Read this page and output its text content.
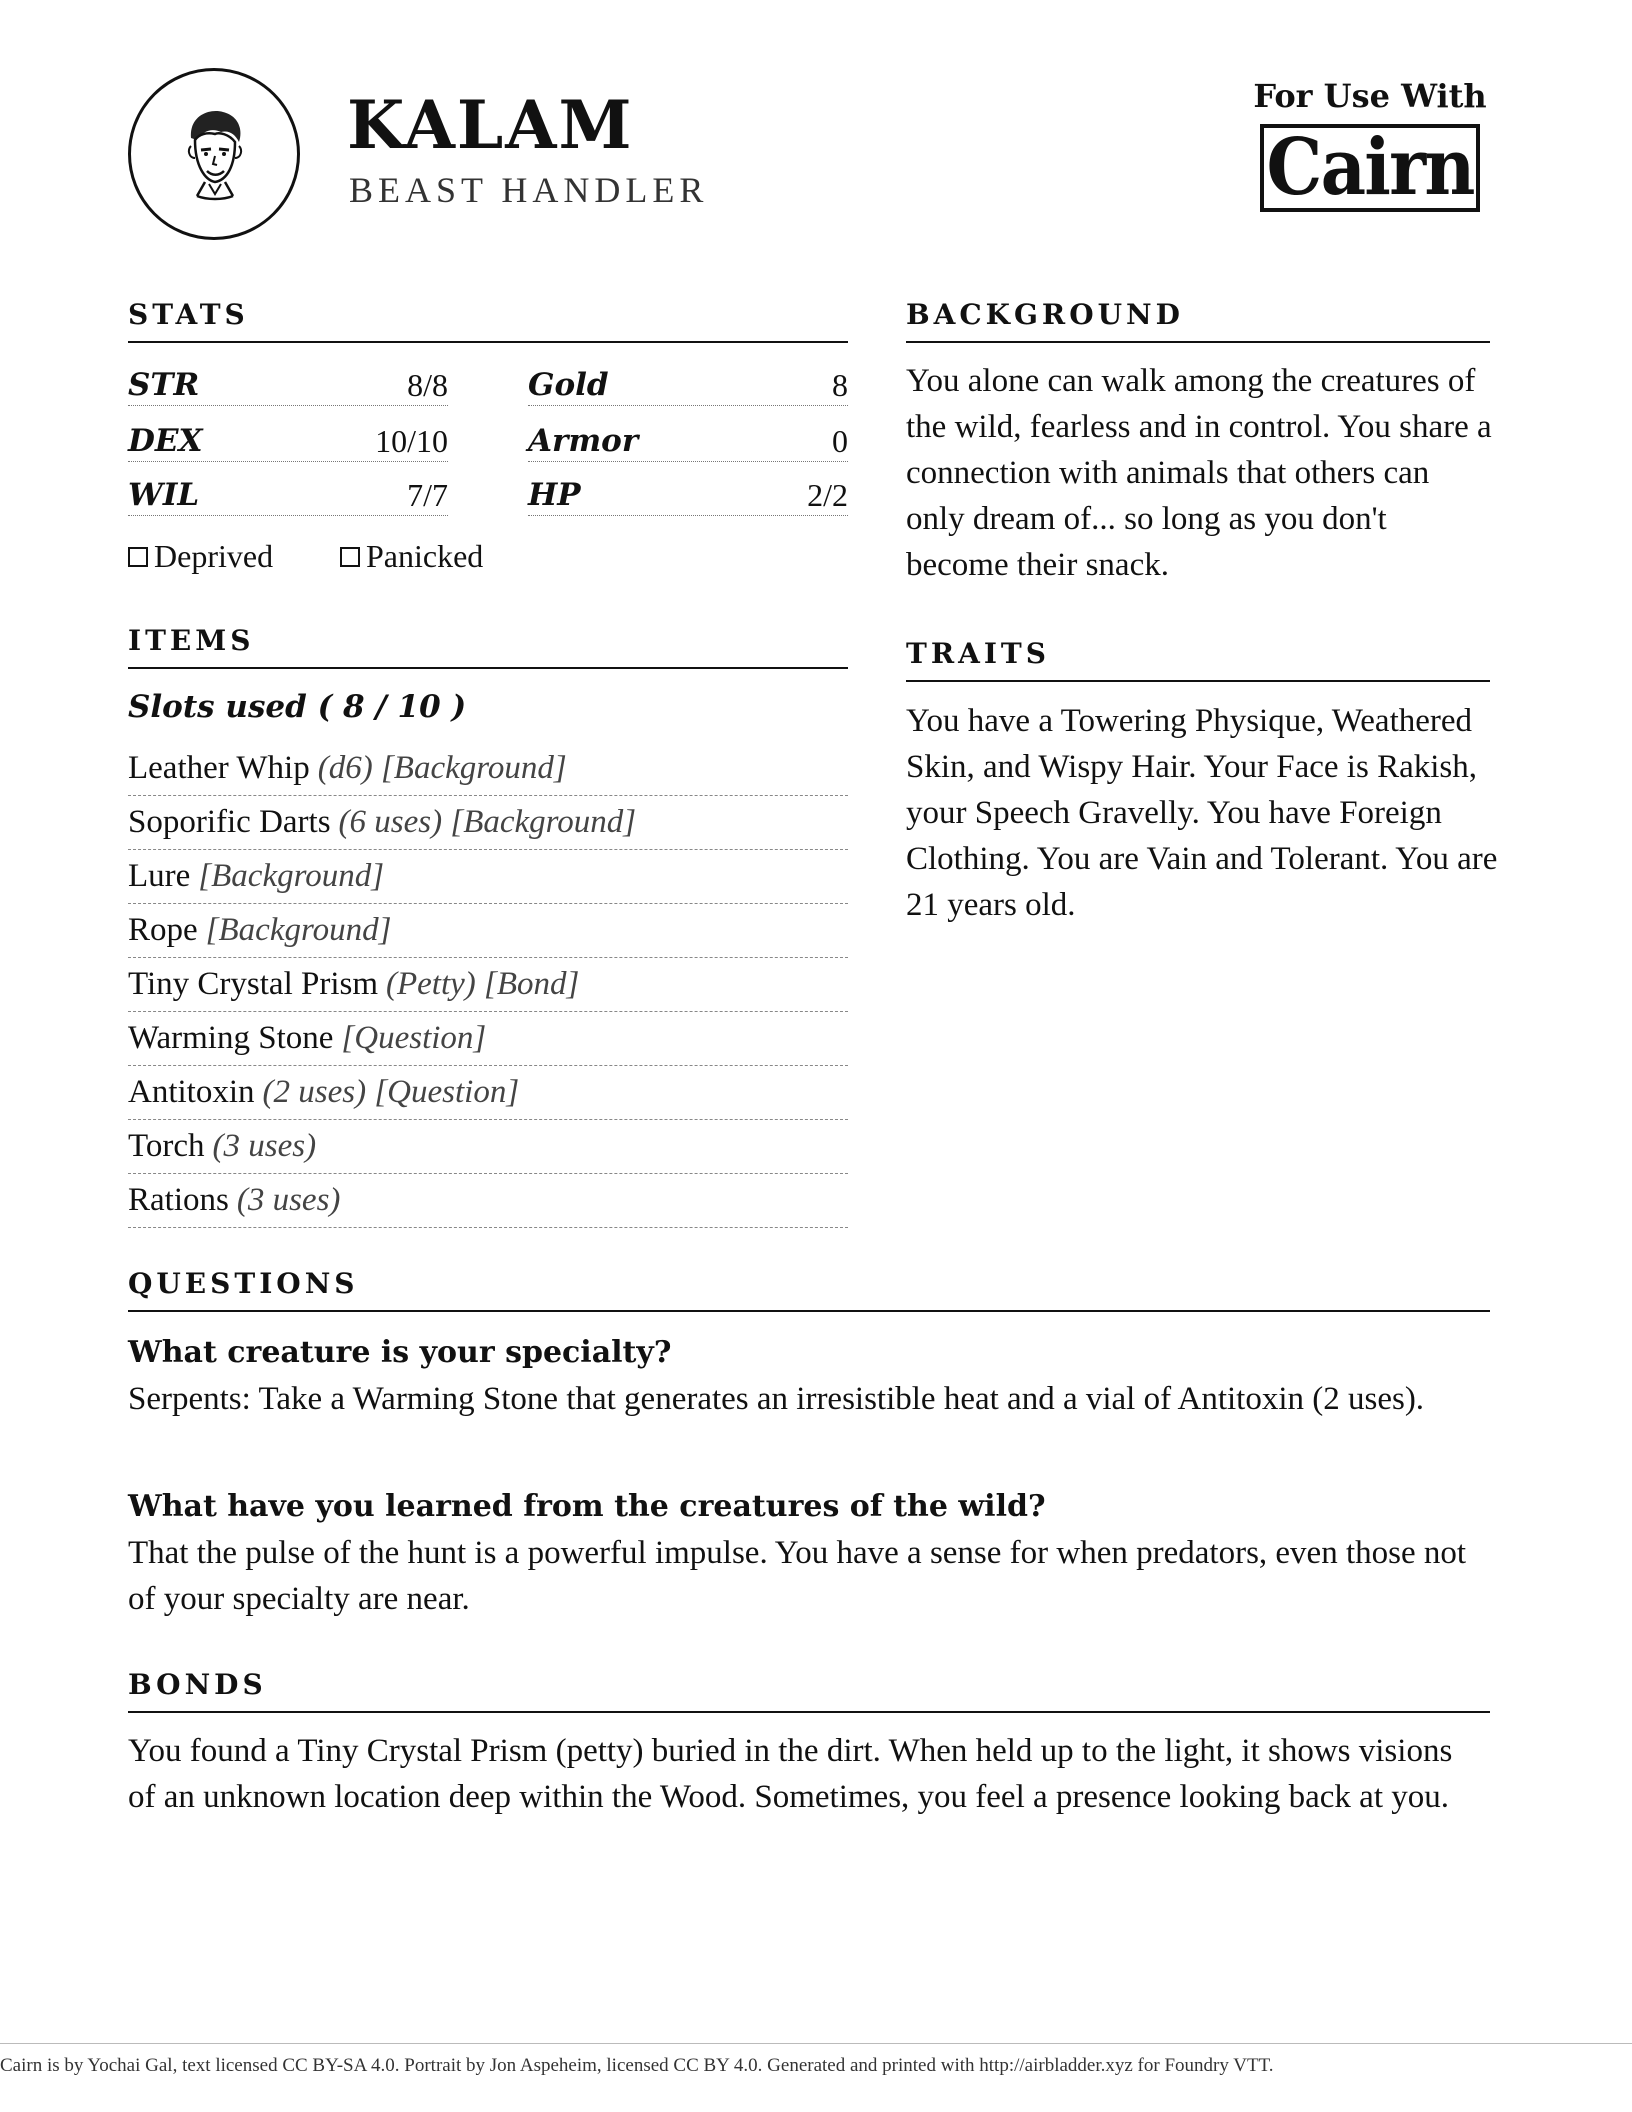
KALAM
BEAST HANDLER
For Use With
Cairn
STATS
STR	8/8
DEX	10/10
WIL	7/7
Gold	8
Armor	0
HP	2/2
Deprived	Panicked
ITEMS
Slots used ( 8 / 10 )
Leather Whip (d6) [Background]
Soporific Darts (6 uses) [Background]
Lure [Background]
Rope [Background]
Tiny Crystal Prism (Petty) [Bond]
Warming Stone [Question]
Antitoxin (2 uses) [Question]
Torch (3 uses)
Rations (3 uses)
BACKGROUND
You alone can walk among the creatures of the wild, fearless and in control. You share a connection with animals that others can only dream of... so long as you don't become their snack.
TRAITS
You have a Towering Physique, Weathered Skin, and Wispy Hair. Your Face is Rakish, your Speech Gravelly. You have Foreign Clothing. You are Vain and Tolerant. You are 21 years old.
QUESTIONS
What creature is your specialty?
Serpents: Take a Warming Stone that generates an irresistible heat and a vial of Antitoxin (2 uses).
What have you learned from the creatures of the wild?
That the pulse of the hunt is a powerful impulse. You have a sense for when predators, even those not of your specialty are near.
BONDS
You found a Tiny Crystal Prism (petty) buried in the dirt. When held up to the light, it shows visions of an unknown location deep within the Wood. Sometimes, you feel a presence looking back at you.
Cairn is by Yochai Gal, text licensed CC BY-SA 4.0. Portrait by Jon Aspeheim, licensed CC BY 4.0. Generated and printed with http://airbladder.xyz for Foundry VTT.
